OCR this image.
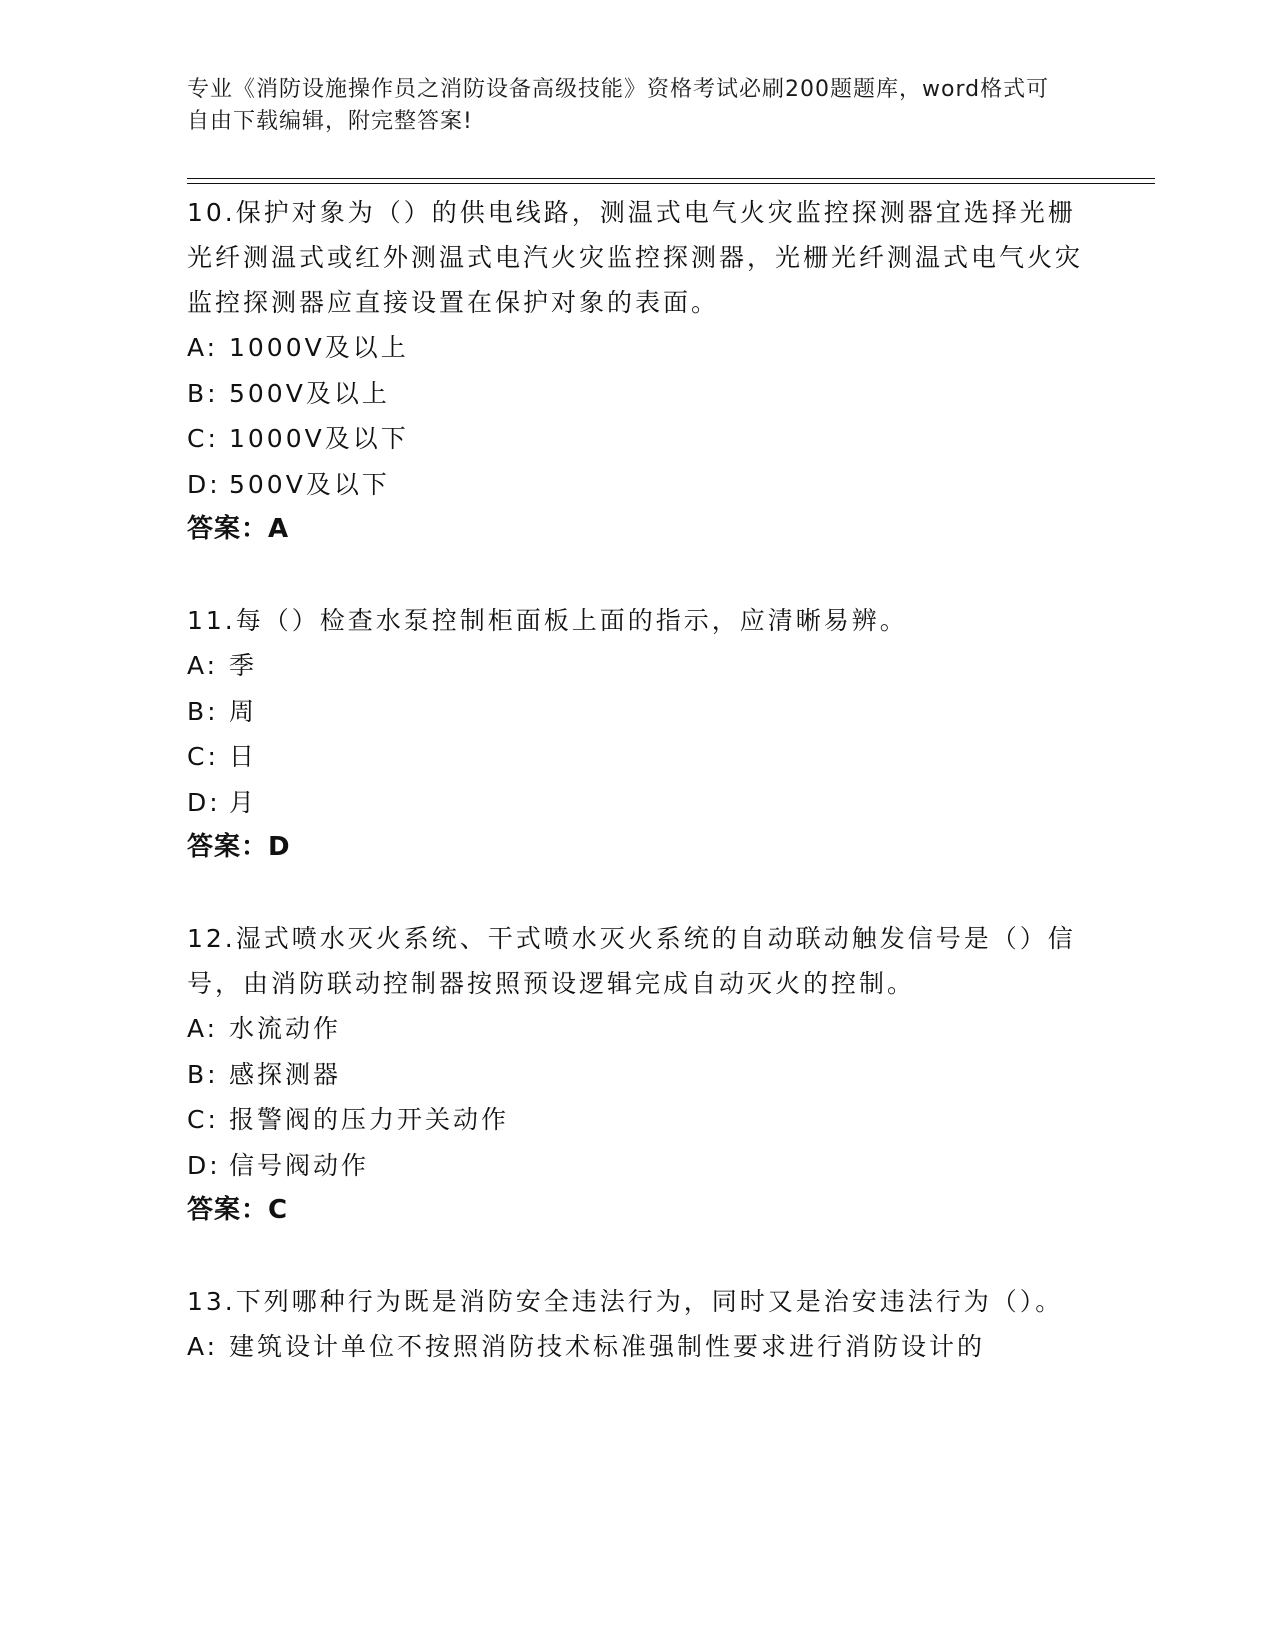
专业《消防设施操作员之消防设备高级技能》资格考试必刷200题题库，word格式可自由下载编辑，附完整答案!

10.保护对象为（）的供电线路，测温式电气火灾监控探测器宜选择光栅光纤测温式或红外测温式电汽火灾监控探测器，光栅光纤测温式电气火灾监控探测器应直接设置在保护对象的表面。

A: 1000V及以上
B: 500V及以上
C: 1000V及以下
D: 500V及以下
答案：A

11.每（）检查水泵控制柜面板上面的指示，应清晰易辨。

A: 季
B: 周
C: 日
D: 月
答案：D

12.湿式喷水灭火系统、干式喷水灭火系统的自动联动触发信号是（）信号，由消防联动控制器按照预设逻辑完成自动灭火的控制。

A: 水流动作
B: 感探测器
C: 报警阀的压力开关动作
D: 信号阀动作
答案：C

13.下列哪种行为既是消防安全违法行为，同时又是治安违法行为（）。

A: 建筑设计单位不按照消防技术标准强制性要求进行消防设计的
